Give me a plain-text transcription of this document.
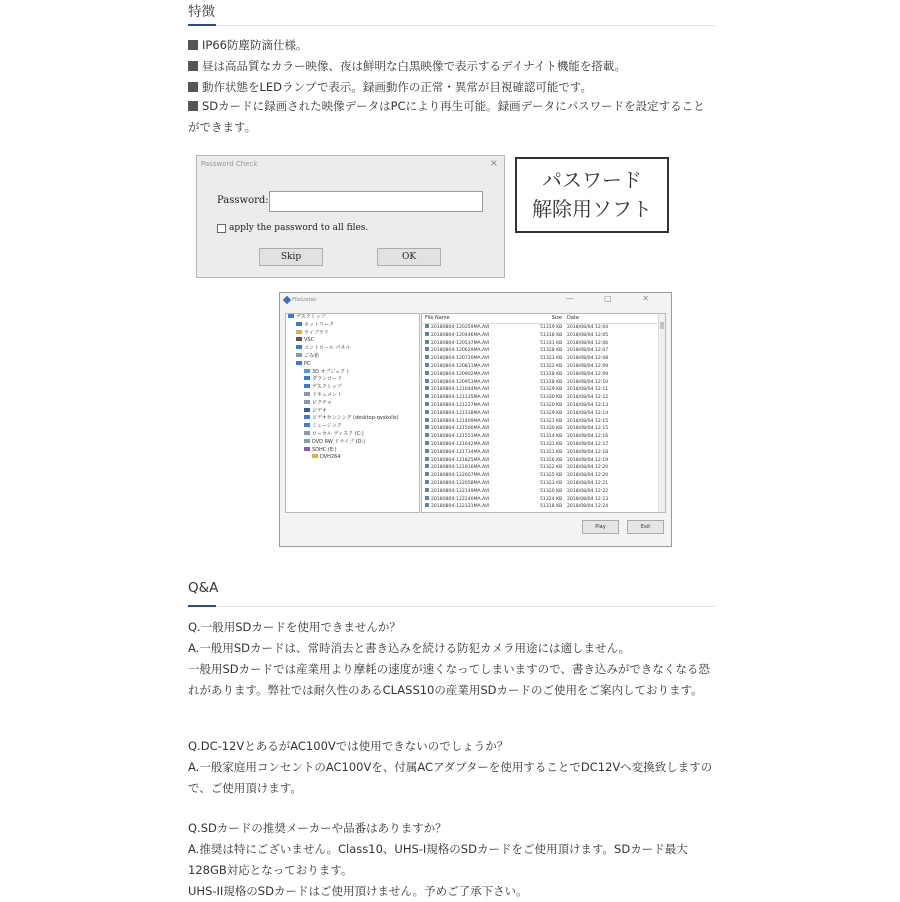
特徴
IP66防塵防滴仕様。
昼は高品質なカラー映像、夜は鮮明な白黒映像で表示するデイナイト機能を搭載。
動作状態をLEDランプで表示。録画動作の正常・異常が目視確認可能です。
SDカードに録画された映像データはPCにより再生可能。録画データにパスワードを設定することができます。
Q&A

Q.一般用SDカードを使用できませんか？

A.一般用SDカードは、常時消去と書き込みを続ける防犯カメラ用途には適しません。

一般用SDカードでは産業用より摩耗の速度が速くなってしまいますので、書き込みができなくなる恐れがあります。弊社では耐久性のあるCLASS10の産業用SDカードのご使用をご案内しております。

Q.DC-12VとあるがAC100Vでは使用できないのでしょうか？

A.一般家庭用コンセントのAC100Vを、付属ACアダプターを使用することでDC12Vへ変換致しますので、ご使用頂けます。

Q.SDカードの推奨メーカーや品番はありますか？

A.推奨は特にございません。Class10、UHS-I規格のSDカードをご使用頂けます。SDカード最大128GB対応となっております。

UHS-II規格のSDカードはご使用頂けません。予めご了承下さい。

Password Check	×
Password:
apply the password to all files.
Skip	OK
パスワード
解除用ソフト
FileLister	— □ ✕
デスクトップ
ネットワーク
ライブラリ
VSC
コントロール パネル
ごみ箱
PC
3D オブジェクト
ダウンロード
デスクトップ
ドキュメント
ピクチャ
ビデオ
ビデオセンシング (desktop-qvskolls)
ミュージック
ローカル ディスク (C:)
DVD RW ドライブ (D:)
SDHC (E:)
DVH264
File Name	Size Date
20180804-120359MA.AVI	51319 KB 2018/08/04 12:04
20180804-120446MA.AVI	51318 KB 2018/08/04 12:05
20180804-120537MA.AVI	51331 KB 2018/08/04 12:06
20180804-120629MA.AVI	51328 KB 2018/08/04 12:07
20180804-120720MA.AVI	51323 KB 2018/08/04 12:08
20180804-120811MA.AVI	51322 KB 2018/08/04 12:09
20180804-120902MA.AVI	51318 KB 2018/08/04 12:09
20180804-120953MA.AVI	51318 KB 2018/08/04 12:10
20180804-121044MA.AVI	51329 KB 2018/08/04 12:11
20180804-121135MA.AVI	51330 KB 2018/08/04 12:12
20180804-121227MA.AVI	51320 KB 2018/08/04 12:13
20180804-121318MA.AVI	51329 KB 2018/08/04 12:14
20180804-121409MA.AVI	51321 KB 2018/08/04 12:15
20180804-121500MA.AVI	51330 KB 2018/08/04 12:15
20180804-121551MA.AVI	51314 KB 2018/08/04 12:16
20180804-121642MA.AVI	51331 KB 2018/08/04 12:17
20180804-121734MA.AVI	51321 KB 2018/08/04 12:18
20180804-121825MA.AVI	51326 KB 2018/08/04 12:19
20180804-121916MA.AVI	51322 KB 2018/08/04 12:20
20180804-122007MA.AVI	51325 KB 2018/08/04 12:20
20180804-122058MA.AVI	51323 KB 2018/08/04 12:21
20180804-122149MA.AVI	51320 KB 2018/08/04 12:22
20180804-122240MA.AVI	51324 KB 2018/08/04 12:23
20180804-122331MA.AVI	51318 KB 2018/08/04 12:24
Play	Exit
